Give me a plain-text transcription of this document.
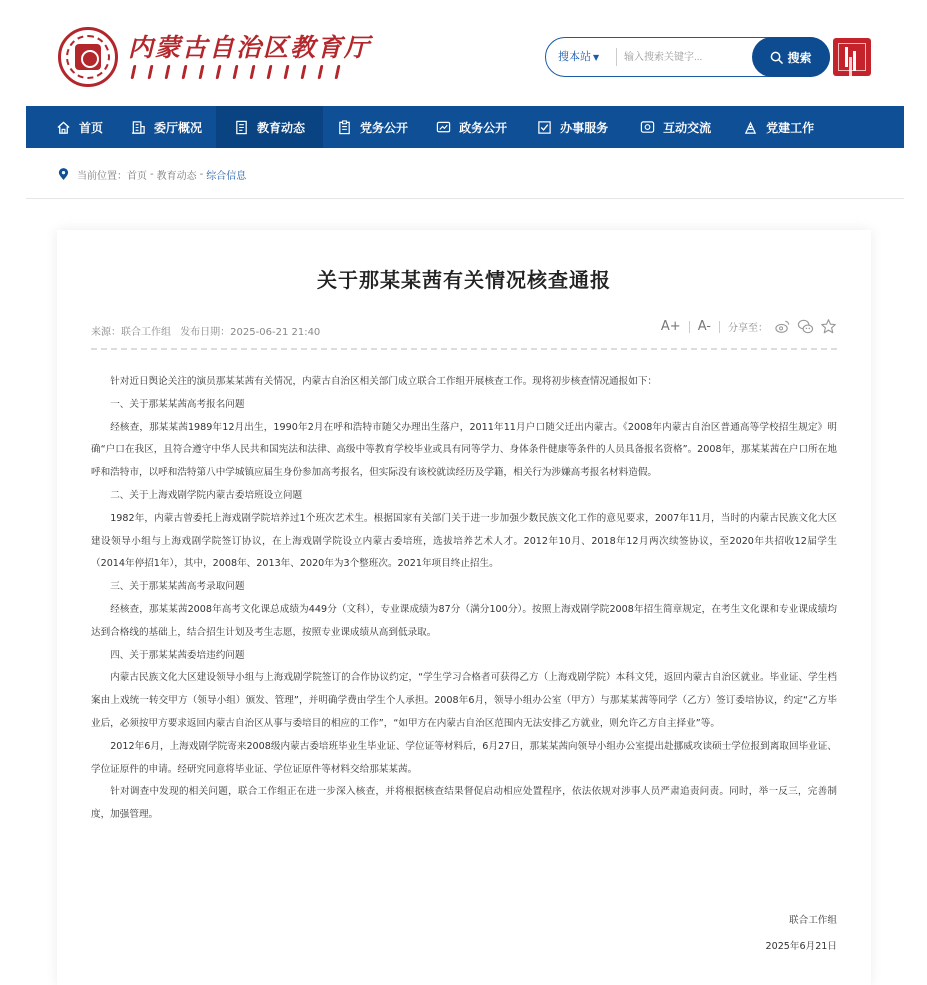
内蒙古自治区教育厅	搜本站 ▼
输入搜索关键字...	搜索
首页	委厅概况	教育动态	党务公开	政务公开	办事服务	互动交流	党建工作
当前位置： 首页 - 教育动态 - 综合信息
关于那某某茜有关情况核查通报
来源：联合工作组 发布日期：2025-06-21 21:40	A+ A- 分享至：

针对近日舆论关注的演员那某某茜有关情况，内蒙古自治区相关部门成立联合工作组开展核查工作。现将初步核查情况通报如下：

一、关于那某某茜高考报名问题

经核查，那某某茜1989年12月出生，1990年2月在呼和浩特市随父办理出生落户，2011年11月户口随父迁出内蒙古。《2008年内蒙古自治区普通高等学校招生规定》明确“户口在我区，且符合遵守中华人民共和国宪法和法律、高级中等教育学校毕业或具有同等学力、身体条件健康等条件的人员具备报名资格”。2008年，那某某茜在户口所在地呼和浩特市，以呼和浩特第八中学城镇应届生身份参加高考报名，但实际没有该校就读经历及学籍，相关行为涉嫌高考报名材料造假。

二、关于上海戏剧学院内蒙古委培班设立问题

1982年，内蒙古曾委托上海戏剧学院培养过1个班次艺术生。根据国家有关部门关于进一步加强少数民族文化工作的意见要求，2007年11月，当时的内蒙古民族文化大区建设领导小组与上海戏剧学院签订协议，在上海戏剧学院设立内蒙古委培班，选拔培养艺术人才。2012年10月、2018年12月两次续签协议，至2020年共招收12届学生（2014年停招1年），其中，2008年、2013年、2020年为3个整班次。2021年项目终止招生。

三、关于那某某茜高考录取问题

经核查，那某某茜2008年高考文化课总成绩为449分（文科），专业课成绩为87分（满分100分）。按照上海戏剧学院2008年招生简章规定，在考生文化课和专业课成绩均达到合格线的基础上，结合招生计划及考生志愿，按照专业课成绩从高到低录取。

四、关于那某某茜委培违约问题

内蒙古民族文化大区建设领导小组与上海戏剧学院签订的合作协议约定，“学生学习合格者可获得乙方（上海戏剧学院）本科文凭，返回内蒙古自治区就业。毕业证、学生档案由上戏统一转交甲方（领导小组）颁发、管理”，并明确学费由学生个人承担。2008年6月，领导小组办公室（甲方）与那某某茜等同学（乙方）签订委培协议，约定“乙方毕业后，必须按甲方要求返回内蒙古自治区从事与委培目的相应的工作”，“如甲方在内蒙古自治区范围内无法安排乙方就业，则允许乙方自主择业”等。

2012年6月，上海戏剧学院寄来2008级内蒙古委培班毕业生毕业证、学位证等材料后，6月27日，那某某茜向领导小组办公室提出赴挪威攻读硕士学位报到离取回毕业证、学位证原件的申请。经研究同意将毕业证、学位证原件等材料交给那某某茜。

针对调查中发现的相关问题，联合工作组正在进一步深入核查，并将根据核查结果督促启动相应处置程序，依法依规对涉事人员严肃追责问责。同时，举一反三，完善制度，加强管理。

联合工作组
2025年6月21日
